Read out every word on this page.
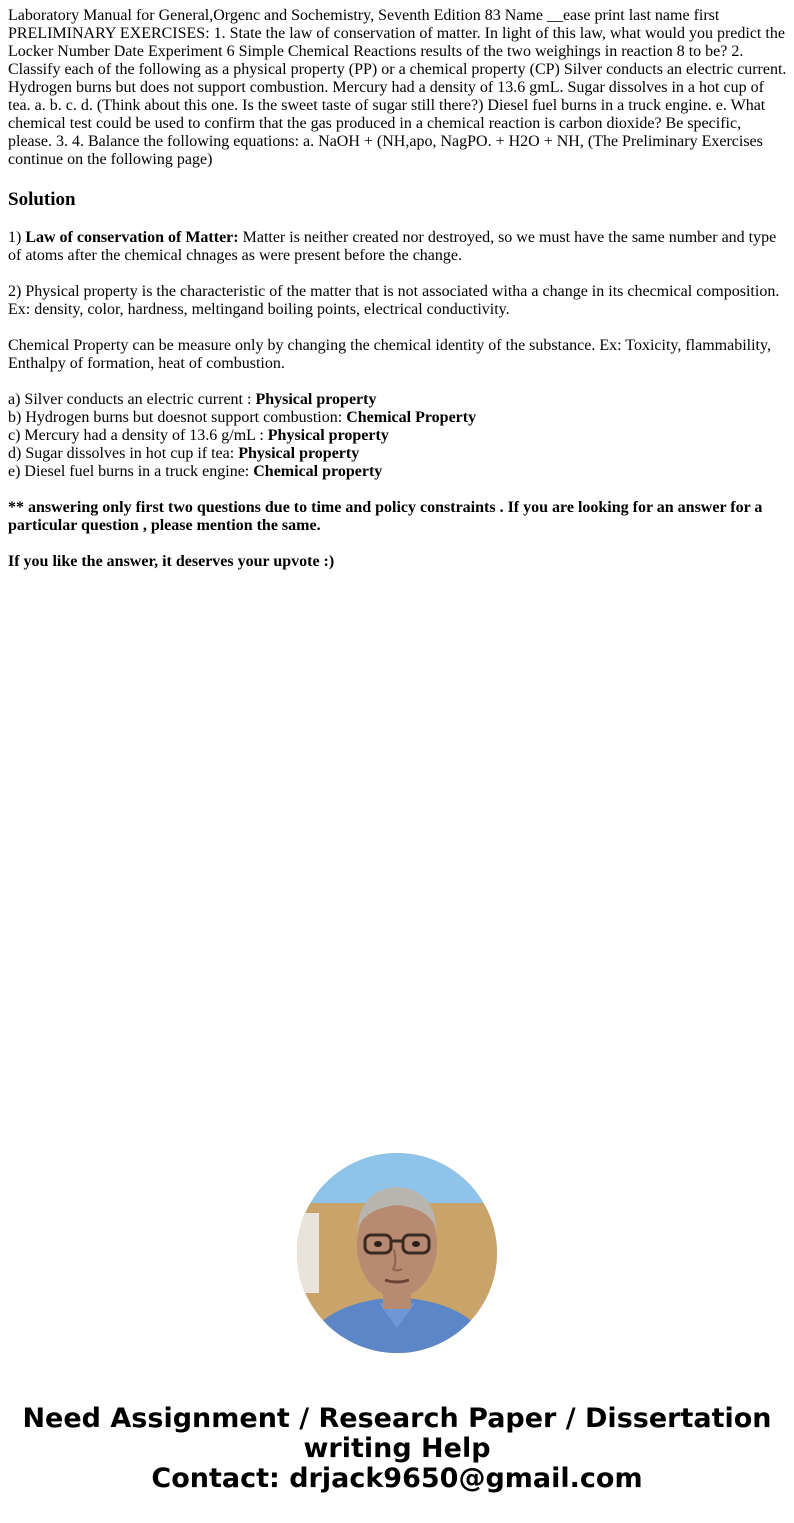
Laboratory Manual for General,Orgenc and Sochemistry, Seventh Edition 83 Name __ease print last name first PRELIMINARY EXERCISES: 1. State the law of conservation of matter. In light of this law, what would you predict the Locker Number Date Experiment 6 Simple Chemical Reactions results of the two weighings in reaction 8 to be? 2. Classify each of the following as a physical property (PP) or a chemical property (CP) Silver conducts an electric current. Hydrogen burns but does not support combustion. Mercury had a density of 13.6 gmL. Sugar dissolves in a hot cup of tea. a. b. c. d. (Think about this one. Is the sweet taste of sugar still there?) Diesel fuel burns in a truck engine. e. What chemical test could be used to confirm that the gas produced in a chemical reaction is carbon dioxide? Be specific, please. 3. 4. Balance the following equations: a. NaOH + (NH,apo, NagPO. + H2O + NH, (The Preliminary Exercises continue on the following page)

Solution

1) Law of conservation of Matter: Matter is neither created nor destroyed, so we must have the same number and type of atoms after the chemical chnages as were present before the change.

2) Physical property is the characteristic of the matter that is not associated witha a change in its checmical composition. Ex: density, color, hardness, meltingand boiling points, electrical conductivity.

Chemical Property can be measure only by changing the chemical identity of the substance. Ex: Toxicity, flammability, Enthalpy of formation, heat of combustion.

a) Silver conducts an electric current : Physical property
b) Hydrogen burns but doesnot support combustion: Chemical Property
c) Mercury had a density of 13.6 g/mL : Physical property
d) Sugar dissolves in hot cup if tea: Physical property
e) Diesel fuel burns in a truck engine: Chemical property

** answering only first two questions due to time and policy constraints . If you are looking for an answer for a particular question , please mention the same.

If you like the answer, it deserves your upvote :)

Need Assignment / Research Paper / Dissertation
writing Help
Contact: drjack9650@gmail.com
